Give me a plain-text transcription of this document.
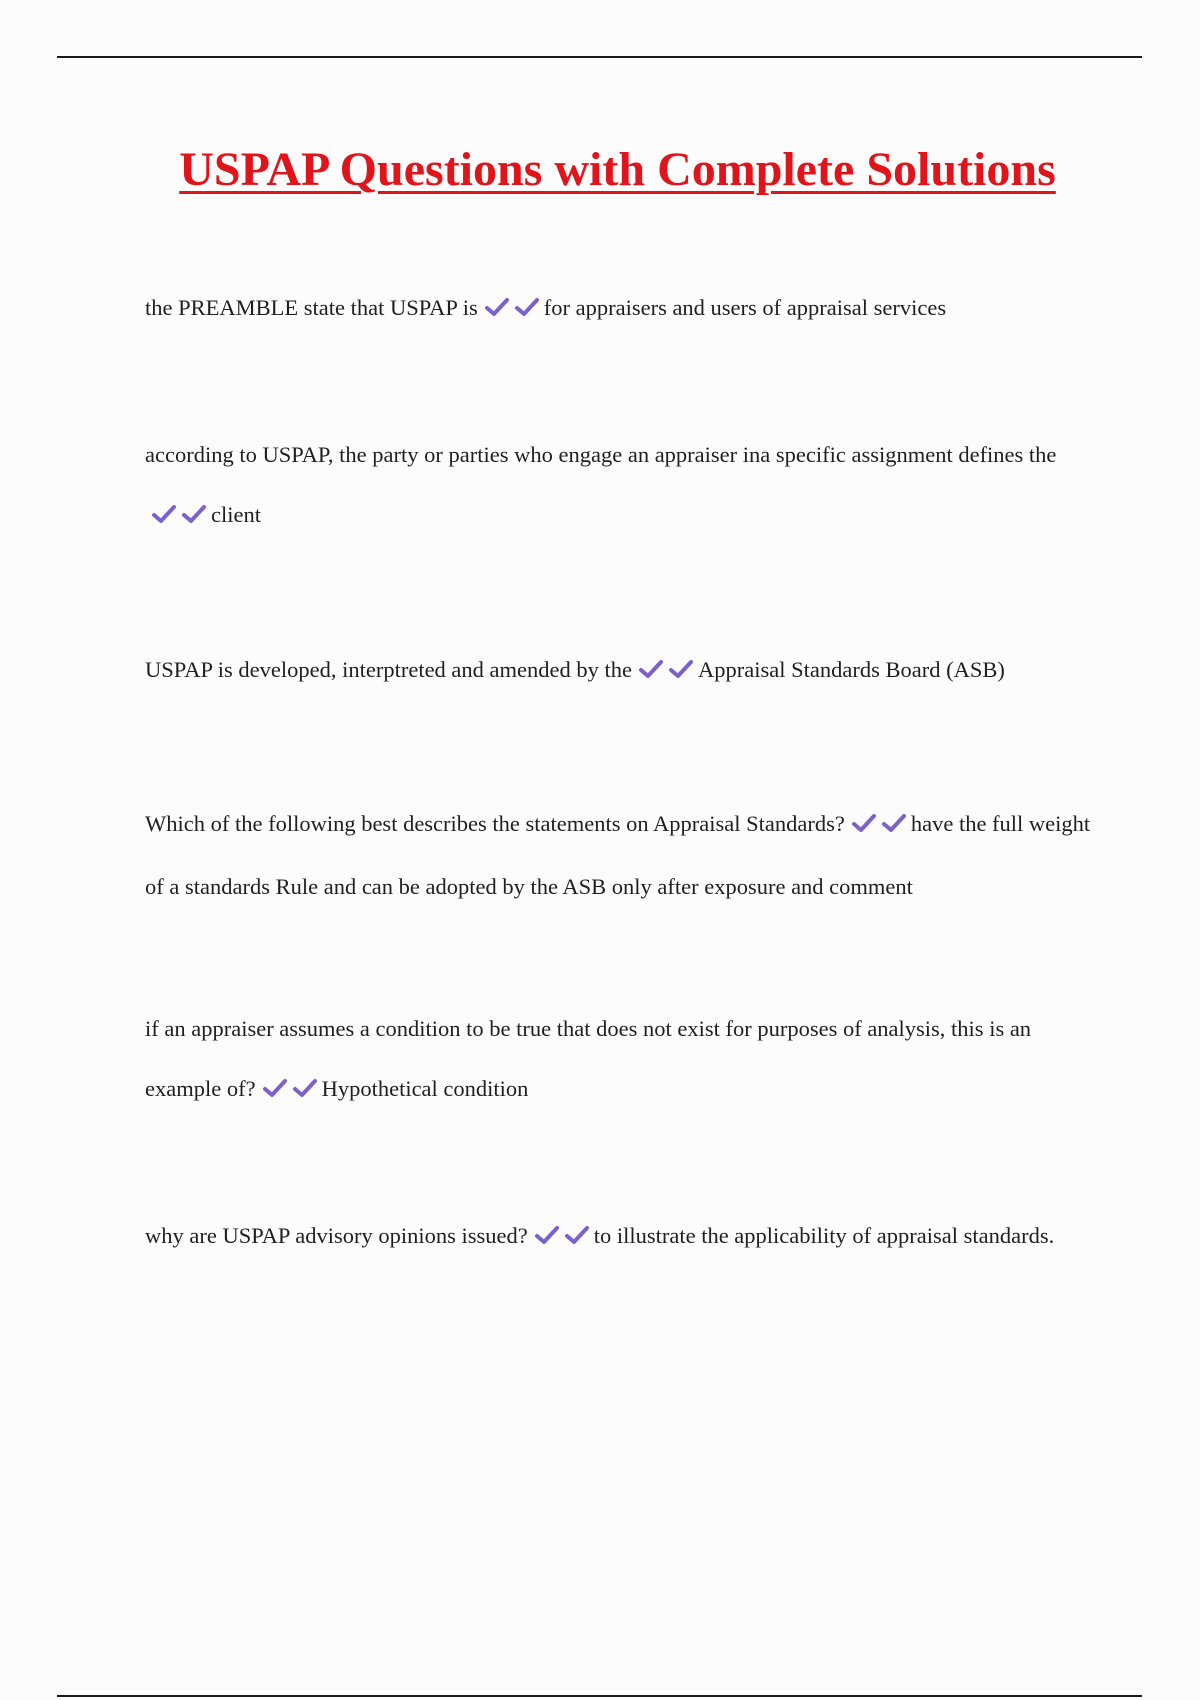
USPAP Questions with Complete Solutions

the PREAMBLE state that USPAP is	for appraisers and users of appraisal services

according to USPAP, the party or parties who engage an appraiser ina specific assignment defines theclient

USPAP is developed, interptreted and amended by the	Appraisal Standards Board (ASB)

Which of the following best describes the statements on Appraisal Standards?	have the full weight of a standards Rule and can be adopted by the ASB only after exposure and comment

if an appraiser assumes a condition to be true that does not exist for purposes of analysis, this is an example of?	Hypothetical condition

why are USPAP advisory opinions issued?	to illustrate the applicability of appraisal standards.
